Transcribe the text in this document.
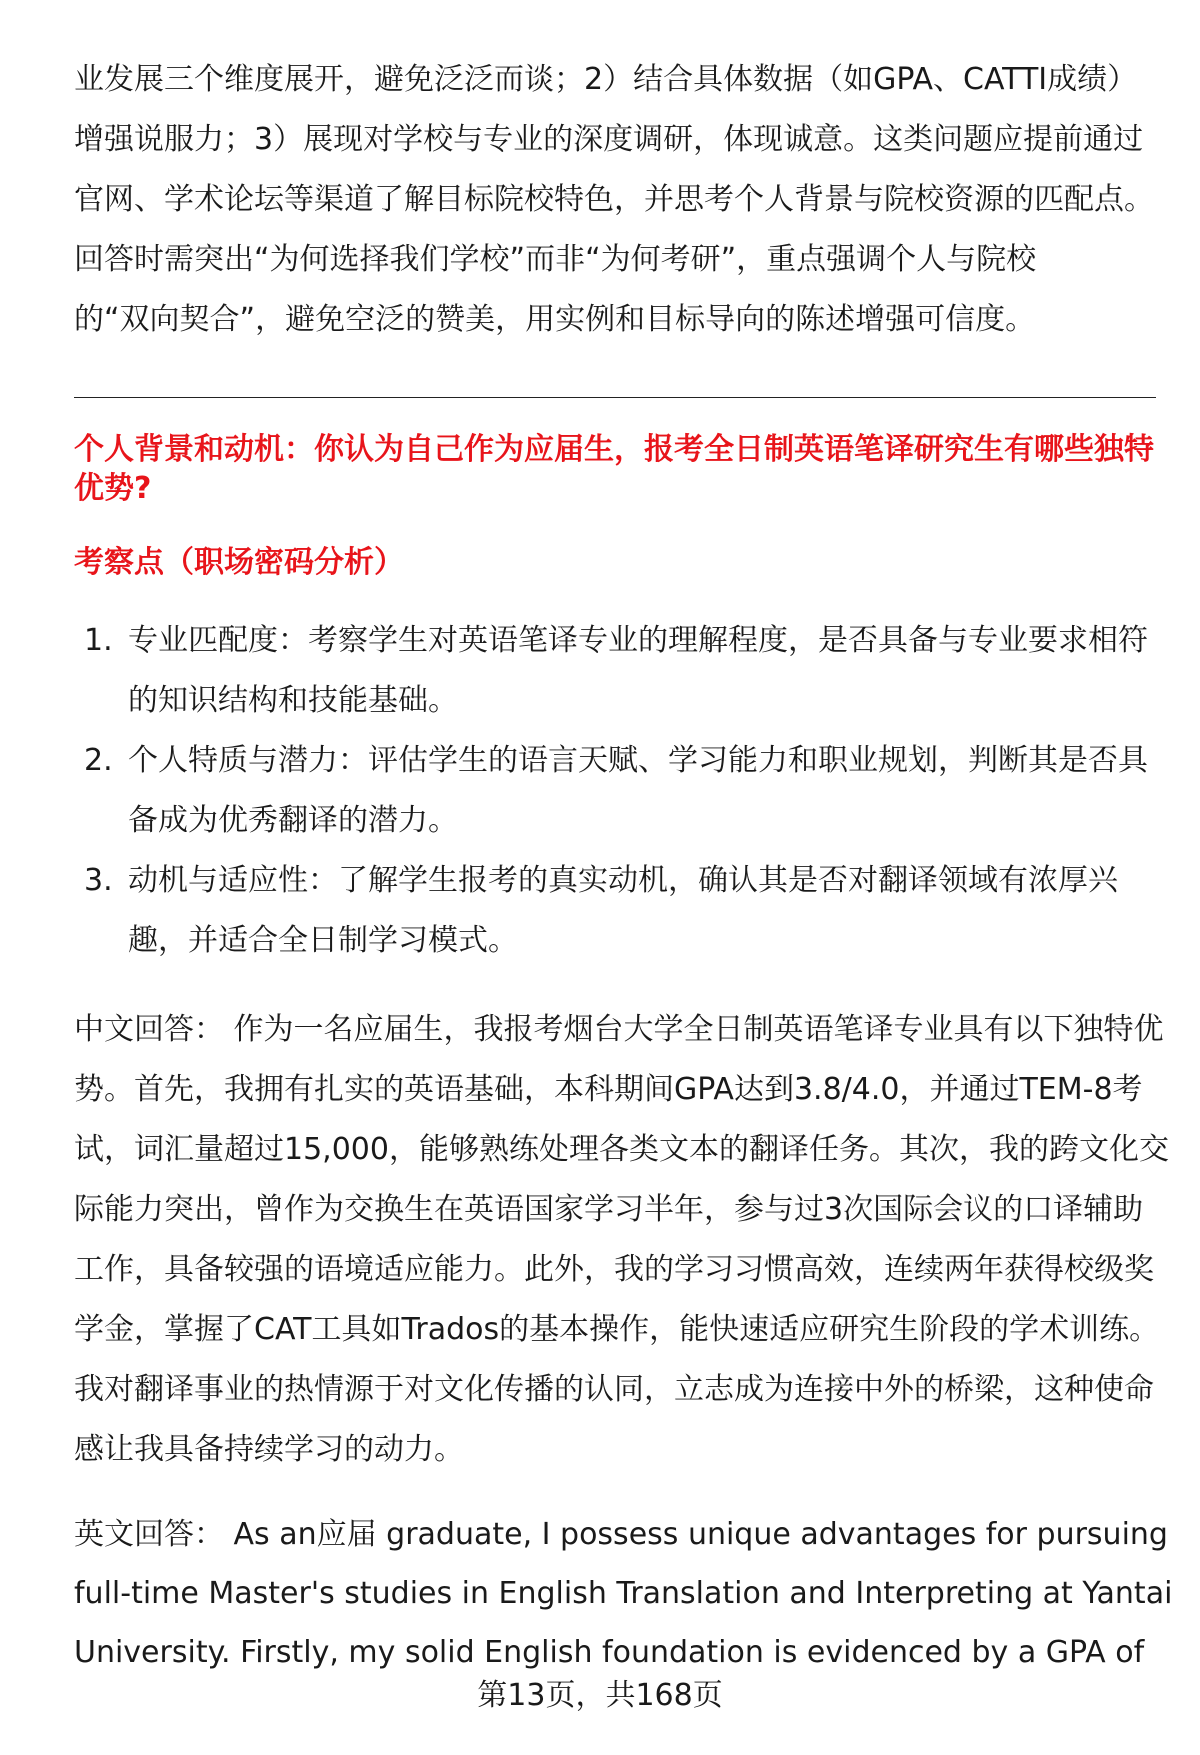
业发展三个维度展开，避免泛泛而谈；2）结合具体数据（如GPA、CATTI成绩）
增强说服力；3）展现对学校与专业的深度调研，体现诚意。这类问题应提前通过
官网、学术论坛等渠道了解目标院校特色，并思考个人背景与院校资源的匹配点。
回答时需突出“为何选择我们学校”而非“为何考研”，重点强调个人与院校
的“双向契合”，避免空泛的赞美，用实例和目标导向的陈述增强可信度。
个人背景和动机：你认为自己作为应届生，报考全日制英语笔译研究生有哪些独特
优势?
考察点（职场密码分析）
1. 专业匹配度：考察学生对英语笔译专业的理解程度，是否具备与专业要求相符
的知识结构和技能基础。
2. 个人特质与潜力：评估学生的语言天赋、学习能力和职业规划，判断其是否具
备成为优秀翻译的潜力。
3. 动机与适应性：了解学生报考的真实动机，确认其是否对翻译领域有浓厚兴
趣，并适合全日制学习模式。
中文回答： 作为一名应届生，我报考烟台大学全日制英语笔译专业具有以下独特优
势。首先，我拥有扎实的英语基础，本科期间GPA达到3.8/4.0，并通过TEM-8考
试，词汇量超过15,000，能够熟练处理各类文本的翻译任务。其次，我的跨文化交
际能力突出，曾作为交换生在英语国家学习半年，参与过3次国际会议的口译辅助
工作，具备较强的语境适应能力。此外，我的学习习惯高效，连续两年获得校级奖
学金，掌握了CAT工具如Trados的基本操作，能快速适应研究生阶段的学术训练。
我对翻译事业的热情源于对文化传播的认同，立志成为连接中外的桥梁，这种使命
感让我具备持续学习的动力。
英文回答： As an应届 graduate, I possess unique advantages for pursuing
full-time Master's studies in English Translation and Interpreting at Yantai
University. Firstly, my solid English foundation is evidenced by a GPA of
第13页，共168页
